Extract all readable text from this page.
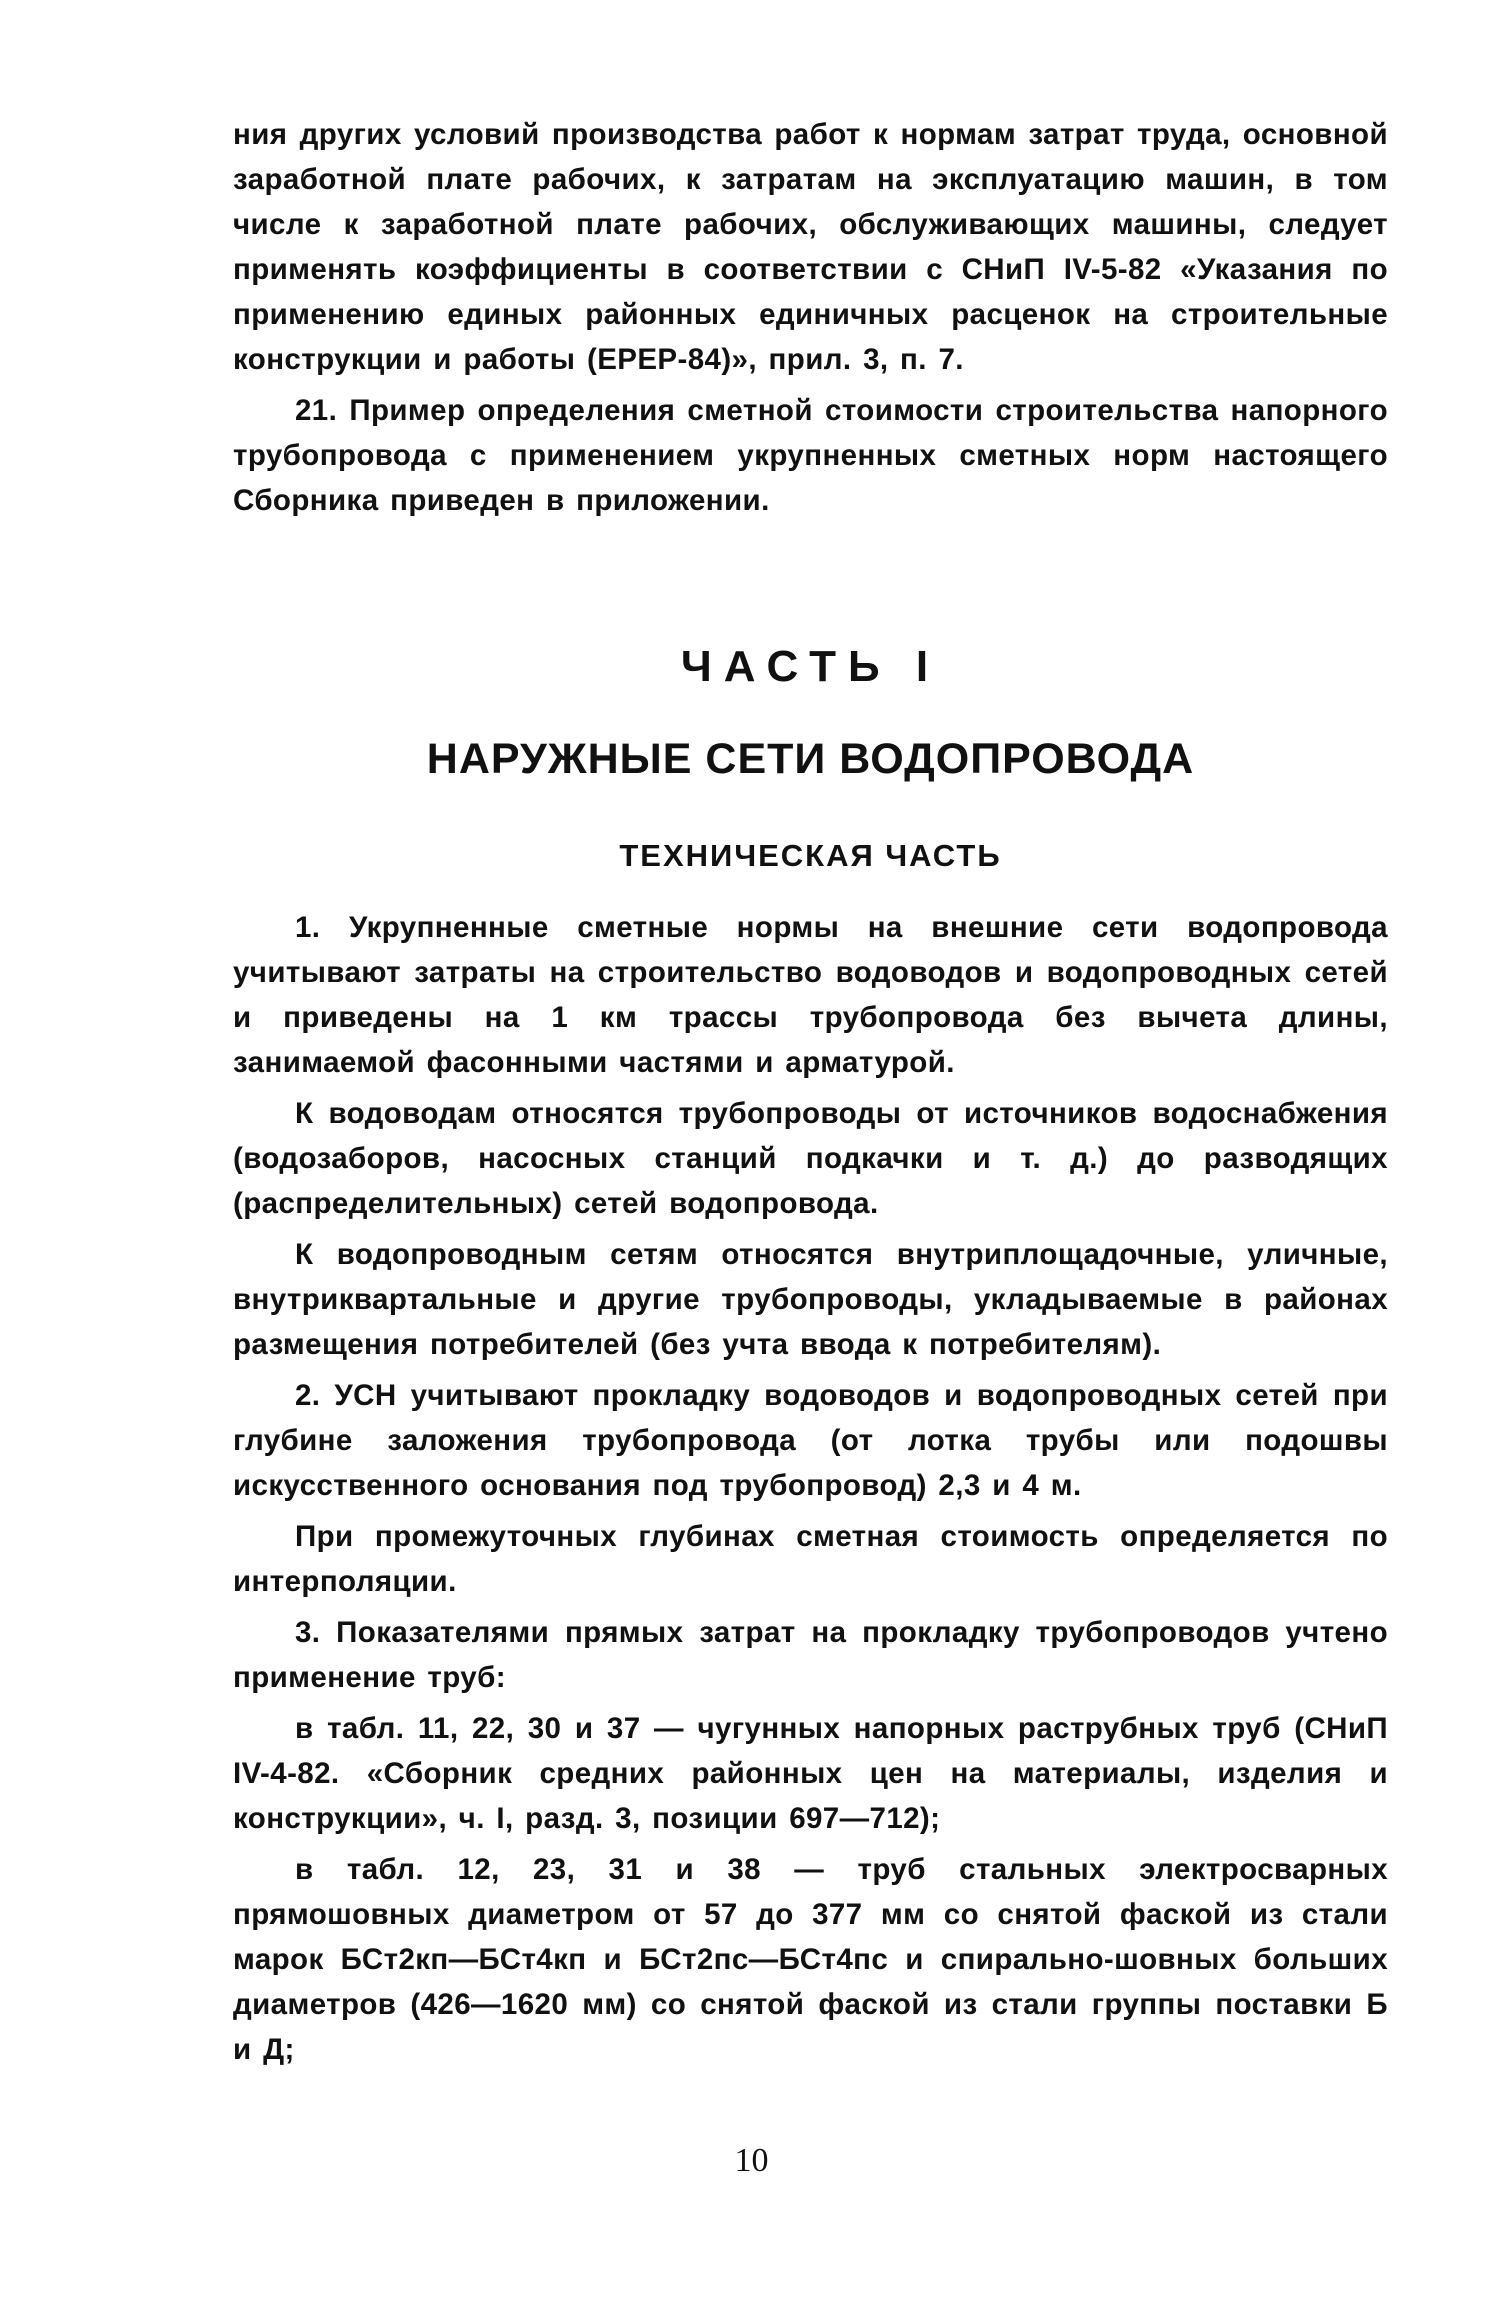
ния других условий производства работ к нормам затрат труда, основной заработной плате рабочих, к затратам на эксплуатацию машин, в том числе к заработной плате рабочих, обслуживающих машины, следует применять коэффициенты в соответствии с СНиП IV-5-82 «Указания по применению единых районных единичных расценок на строительные конструкции и работы (ЕРЕР-84)», прил. 3, п. 7.

21. Пример определения сметной стоимости строительства напорного трубопровода с применением укрупненных сметных норм настоящего Сборника приведен в приложении.

ЧАСТЬ I
НАРУЖНЫЕ СЕТИ ВОДОПРОВОДА
ТЕХНИЧЕСКАЯ ЧАСТЬ

1. Укрупненные сметные нормы на внешние сети водопровода учитывают затраты на строительство водоводов и водопроводных сетей и приведены на 1 км трассы трубопровода без вычета длины, занимаемой фасонными частями и арматурой.

К водоводам относятся трубопроводы от источников водоснабжения (водозаборов, насосных станций подкачки и т. д.) до разводящих (распределительных) сетей водопровода.

К водопроводным сетям относятся внутриплощадочные, уличные, внутриквартальные и другие трубопроводы, укладываемые в районах размещения потребителей (без учта ввода к потребителям).

2. УСН учитывают прокладку водоводов и водопроводных сетей при глубине заложения трубопровода (от лотка трубы или подошвы искусственного основания под трубопровод) 2,3 и 4 м.

При промежуточных глубинах сметная стоимость определяется по интерполяции.

3. Показателями прямых затрат на прокладку трубопроводов учтено применение труб:

в табл. 11, 22, 30 и 37 — чугунных напорных раструбных труб (СНиП IV-4-82. «Сборник средних районных цен на материалы, изделия и конструкции», ч. I, разд. 3, позиции 697—712);

в табл. 12, 23, 31 и 38 — труб стальных электросварных прямошовных диаметром от 57 до 377 мм со снятой фаской из стали марок БСт2кп—БСт4кп и БСт2пс—БСт4пс и спирально-шовных больших диаметров (426—1620 мм) со снятой фаской из стали группы поставки Б и Д;

10
